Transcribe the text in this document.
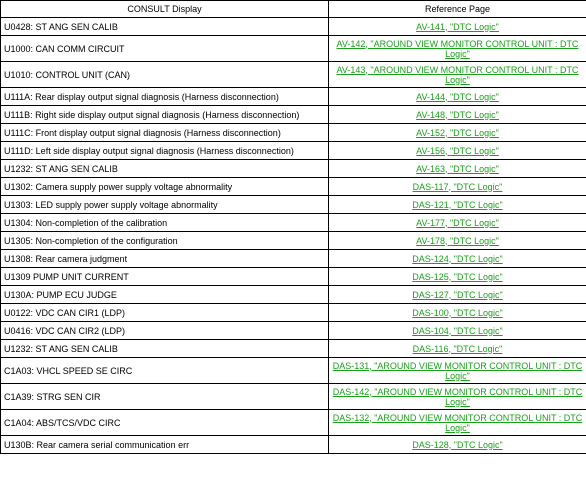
CONSULT Display	Reference Page
U0428: ST ANG SEN CALIB	AV-141, "DTC Logic"
U1000: CAN COMM CIRCUIT	AV-142, "AROUND VIEW MONITOR CONTROL UNIT : DTC Logic"
U1010: CONTROL UNIT (CAN)	AV-143, "AROUND VIEW MONITOR CONTROL UNIT : DTC Logic"
U111A: Rear display output signal diagnosis (Harness disconnection)	AV-144, "DTC Logic"
U111B: Right side display output signal diagnosis (Harness disconnection)	AV-148, "DTC Logic"
U111C: Front display output signal diagnosis (Harness disconnection)	AV-152, "DTC Logic"
U111D: Left side display output signal diagnosis (Harness disconnection)	AV-156, "DTC Logic"
U1232: ST ANG SEN CALIB	AV-163, "DTC Logic"
U1302: Camera supply power supply voltage abnormality	DAS-117, "DTC Logic"
U1303: LED supply power supply voltage abnormality	DAS-121, "DTC Logic"
U1304: Non-completion of the calibration	AV-177, "DTC Logic"
U1305: Non-completion of the configuration	AV-178, "DTC Logic"
U1308: Rear camera judgment	DAS-124, "DTC Logic"
U1309 PUMP UNIT CURRENT	DAS-125, "DTC Logic"
U130A: PUMP ECU JUDGE	DAS-127, "DTC Logic"
U0122: VDC CAN CIR1 (LDP)	DAS-100, "DTC Logic"
U0416: VDC CAN CIR2 (LDP)	DAS-104, "DTC Logic"
U1232: ST ANG SEN CALIB	DAS-116, "DTC Logic"
C1A03: VHCL SPEED SE CIRC	DAS-131, "AROUND VIEW MONITOR CONTROL UNIT : DTC Logic"
C1A39: STRG SEN CIR	DAS-142, "AROUND VIEW MONITOR CONTROL UNIT : DTC Logic"
C1A04: ABS/TCS/VDC CIRC	DAS-132, "AROUND VIEW MONITOR CONTROL UNIT : DTC Logic"
U130B: Rear camera serial communication err	DAS-128, "DTC Logic"
